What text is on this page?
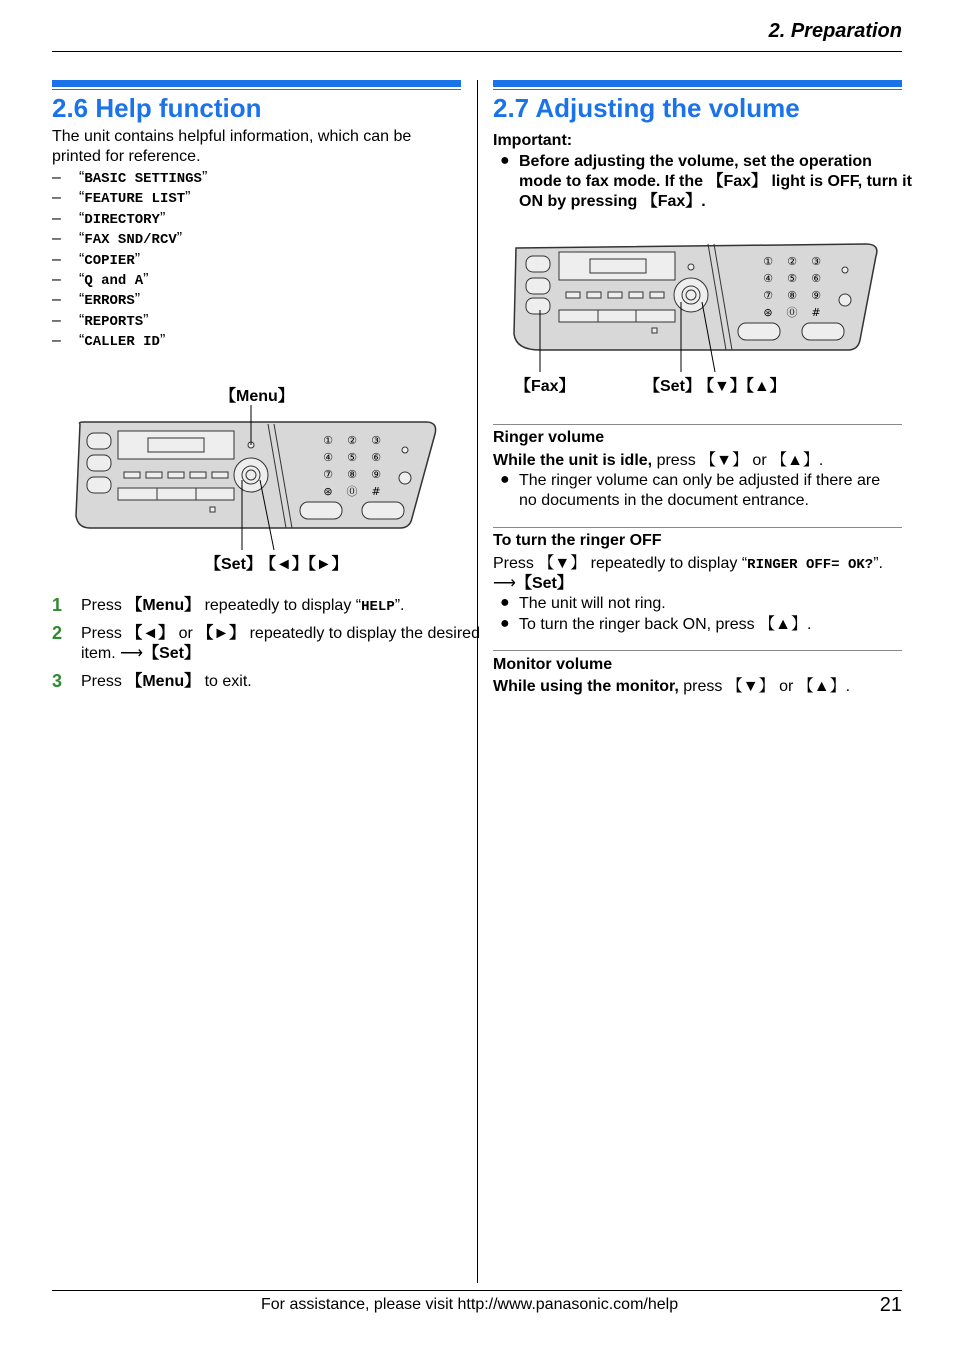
2. Preparation
2.6 Help function
The unit contains helpful information, which can be
printed for reference.
– “BASIC SETTINGS”
– “FEATURE LIST”
– “DIRECTORY”
– “FAX SND/RCV”
– “COPIER”
– “Q and A”
– “ERRORS”
– “REPORTS”
– “CALLER ID”
【Menu】
① ② ③
④ ⑤ ⑥
⑦ ⑧ ⑨
⊛ ⓪ #
【Set】
【◄】【►】
1 Press 【Menu】 repeatedly to display “HELP”.
2 Press 【◄】 or 【►】 repeatedly to display the desired
item. ⟶【Set】
3 Press 【Menu】 to exit.
2.7 Adjusting the volume
Important:
● Before adjusting the volume, set the operation
mode to fax mode. If the 【Fax】 light is OFF, turn it
ON by pressing 【Fax】.
① ② ③
④ ⑤ ⑥
⑦ ⑧ ⑨
⊛ ⓪ #
【Fax】	【Set】
【▼】【▲】
Ringer volume
While the unit is idle, press 【▼】 or 【▲】.
● The ringer volume can only be adjusted if there are
no documents in the document entrance.
To turn the ringer OFF
Press 【▼】 repeatedly to display “RINGER OFF= OK?”.
⟶【Set】
● The unit will not ring.
● To turn the ringer back ON, press 【▲】.
Monitor volume
While using the monitor, press 【▼】 or 【▲】.
For assistance, please visit http://www.panasonic.com/help	21
